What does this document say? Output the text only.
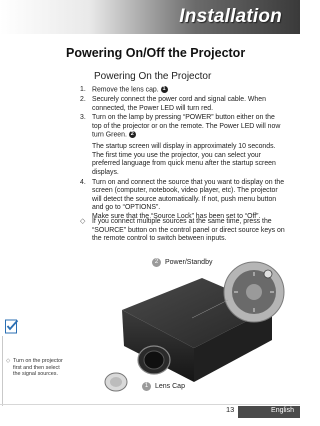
Installation
Powering On/Off the Projector
Powering On the Projector
1. Remove the lens cap. 1

2. Securely connect the power cord and signal cable. When connected, the Power LED will turn red.

3. Turn on the lamp by pressing “POWER” button either on the top of the projector or on the remote. The Power LED will now turn Green. 2

The startup screen will display in approximately 10 seconds. The first time you use the projector, you can select your preferred language from quick menu after the startup screen displays.

4. Turn on and connect the source that you want to display on the screen (computer, notebook, video player, etc). The projector will detect the source automatically. If not, push menu button and go to “OPTIONS”.

Make sure that the “Source Lock” has been set to “Off”.

◇ If you connect multiple sources at the same time, press the “SOURCE” button on the control panel or direct source keys on the remote control to switch between inputs.
2 Power/Standby
1 Lens Cap
◇ Turn on the projector first and then select the signal sources.
13	English
